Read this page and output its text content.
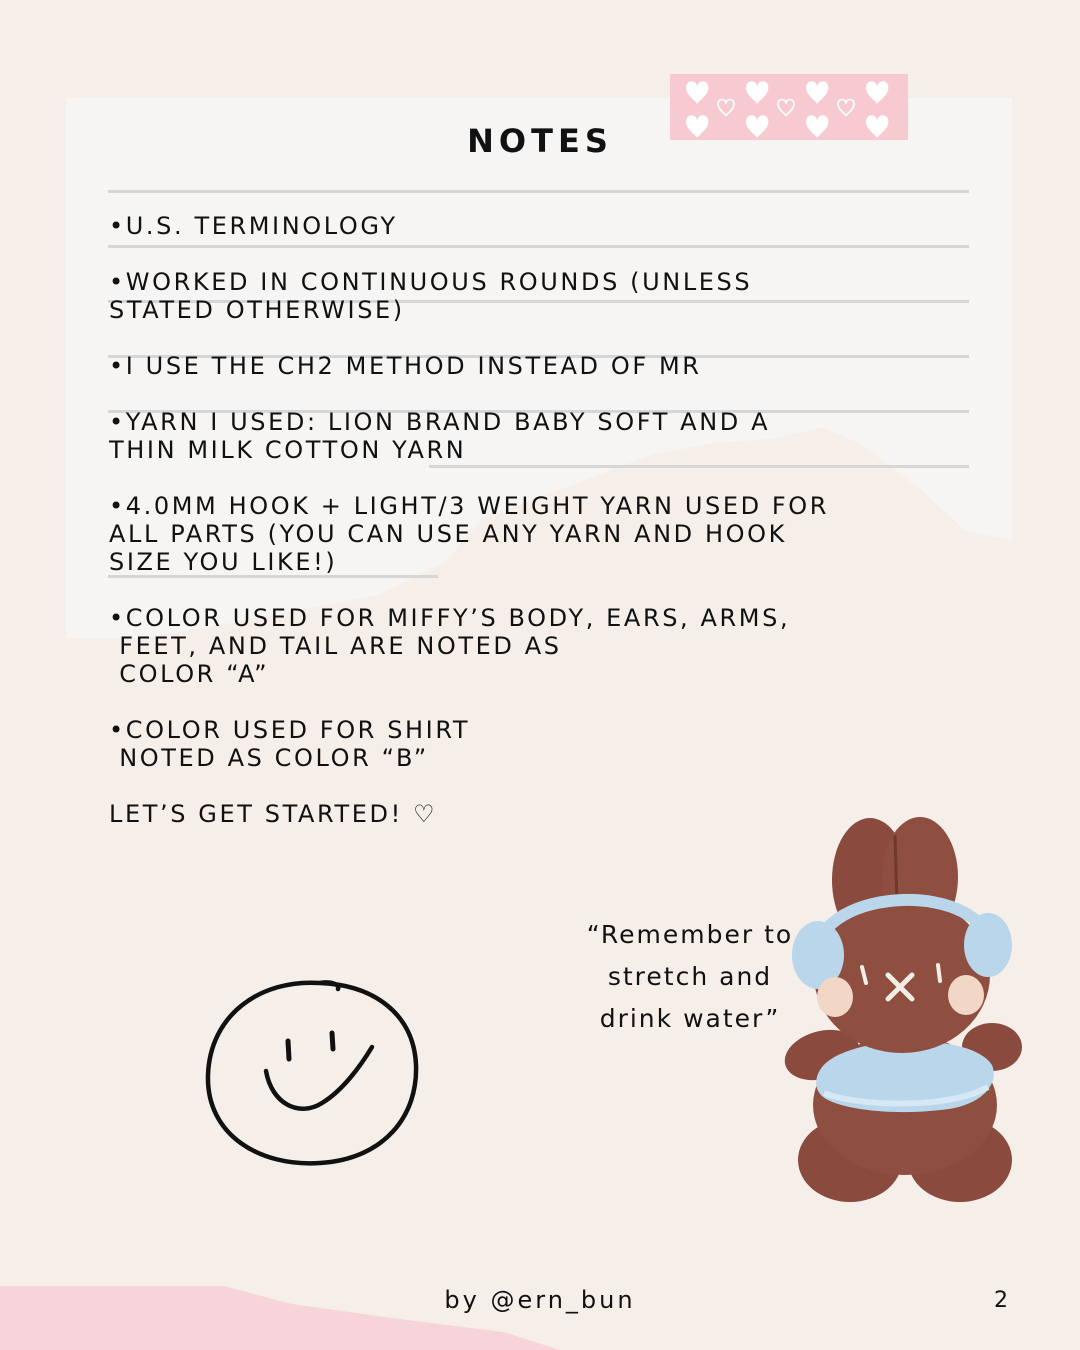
NOTES
•U.S. TERMINOLOGY
•WORKED IN CONTINUOUS ROUNDS (UNLESS
STATED OTHERWISE)
•I USE THE CH2 METHOD INSTEAD OF MR
•YARN I USED: LION BRAND BABY SOFT AND A
THIN MILK COTTON YARN
•4.0MM HOOK + LIGHT/3 WEIGHT YARN USED FOR
ALL PARTS (YOU CAN USE ANY YARN AND HOOK
SIZE YOU LIKE!)
•COLOR USED FOR MIFFY’S BODY, EARS, ARMS,
FEET, AND TAIL ARE NOTED AS
COLOR “A”
•COLOR USED FOR SHIRT
NOTED AS COLOR “B”
LET’S GET STARTED! ♡
“Remember to stretch and drink water”
by @ern_bun	2
